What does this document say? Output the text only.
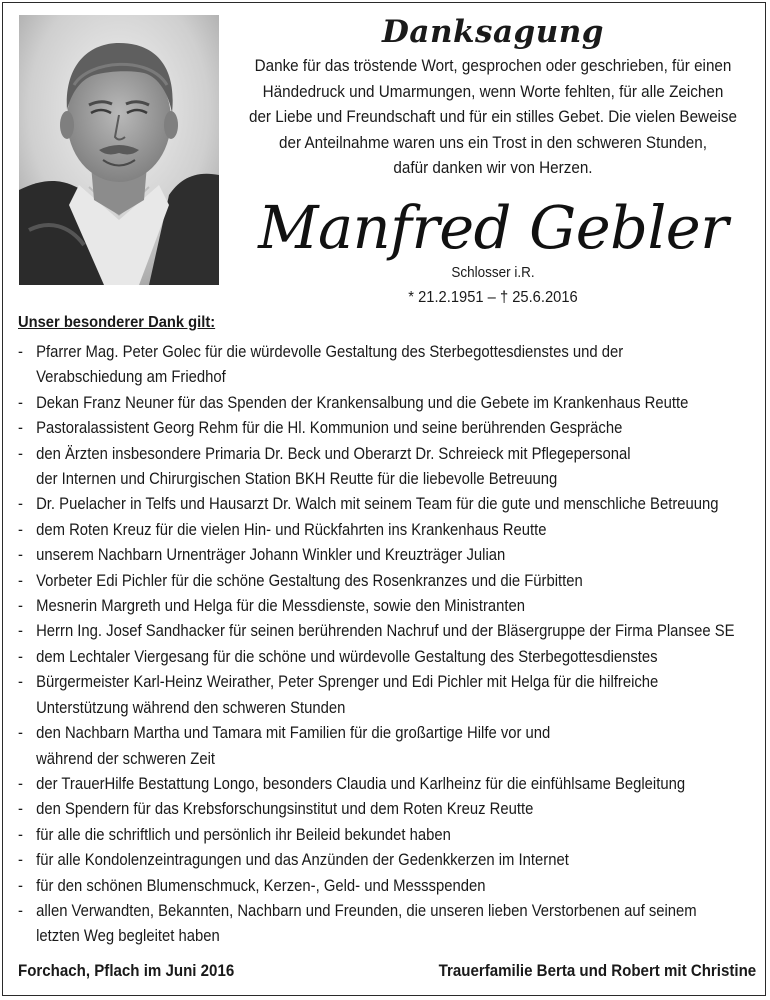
Danksagung

Danke für das tröstende Wort, gesprochen oder geschrieben, für einen
Händedruck und Umarmungen, wenn Worte fehlten, für alle Zeichen
der Liebe und Freundschaft und für ein stilles Gebet. Die vielen Beweise
der Anteilnahme waren uns ein Trost in den schweren Stunden,
dafür danken wir von Herzen.

Manfred Gebler
Schlosser i.R.
* 21.2.1951 – † 25.6.2016
Unser besonderer Dank gilt:
- Pfarrer Mag. Peter Golec für die würdevolle Gestaltung des Sterbegottesdienstes und der
Verabschiedung am Friedhof
- Dekan Franz Neuner für das Spenden der Krankensalbung und die Gebete im Krankenhaus Reutte
- Pastoralassistent Georg Rehm für die Hl. Kommunion und seine berührenden Gespräche
- den Ärzten insbesondere Primaria Dr. Beck und Oberarzt Dr. Schreieck mit Pflegepersonal
der Internen und Chirurgischen Station BKH Reutte für die liebevolle Betreuung
- Dr. Puelacher in Telfs und Hausarzt Dr. Walch mit seinem Team für die gute und menschliche Betreuung
- dem Roten Kreuz für die vielen Hin- und Rückfahrten ins Krankenhaus Reutte
- unserem Nachbarn Urnenträger Johann Winkler und Kreuzträger Julian
- Vorbeter Edi Pichler für die schöne Gestaltung des Rosenkranzes und die Fürbitten
- Mesnerin Margreth und Helga für die Messdienste, sowie den Ministranten
- Herrn Ing. Josef Sandhacker für seinen berührenden Nachruf und der Bläsergruppe der Firma Plansee SE
- dem Lechtaler Viergesang für die schöne und würdevolle Gestaltung des Sterbegottesdienstes
- Bürgermeister Karl-Heinz Weirather, Peter Sprenger und Edi Pichler mit Helga für die hilfreiche
Unterstützung während den schweren Stunden
- den Nachbarn Martha und Tamara mit Familien für die großartige Hilfe vor und
während der schweren Zeit
- der TrauerHilfe Bestattung Longo, besonders Claudia und Karlheinz für die einfühlsame Begleitung
- den Spendern für das Krebsforschungsinstitut und dem Roten Kreuz Reutte
- für alle die schriftlich und persönlich ihr Beileid bekundet haben
- für alle Kondolenzeintragungen und das Anzünden der Gedenkkerzen im Internet
- für den schönen Blumenschmuck, Kerzen-, Geld- und Messspenden
- allen Verwandten, Bekannten, Nachbarn und Freunden, die unseren lieben Verstorbenen auf seinem
letzten Weg begleitet haben
Forchach, Pflach im Juni 2016	Trauerfamilie Berta und Robert mit Christine
